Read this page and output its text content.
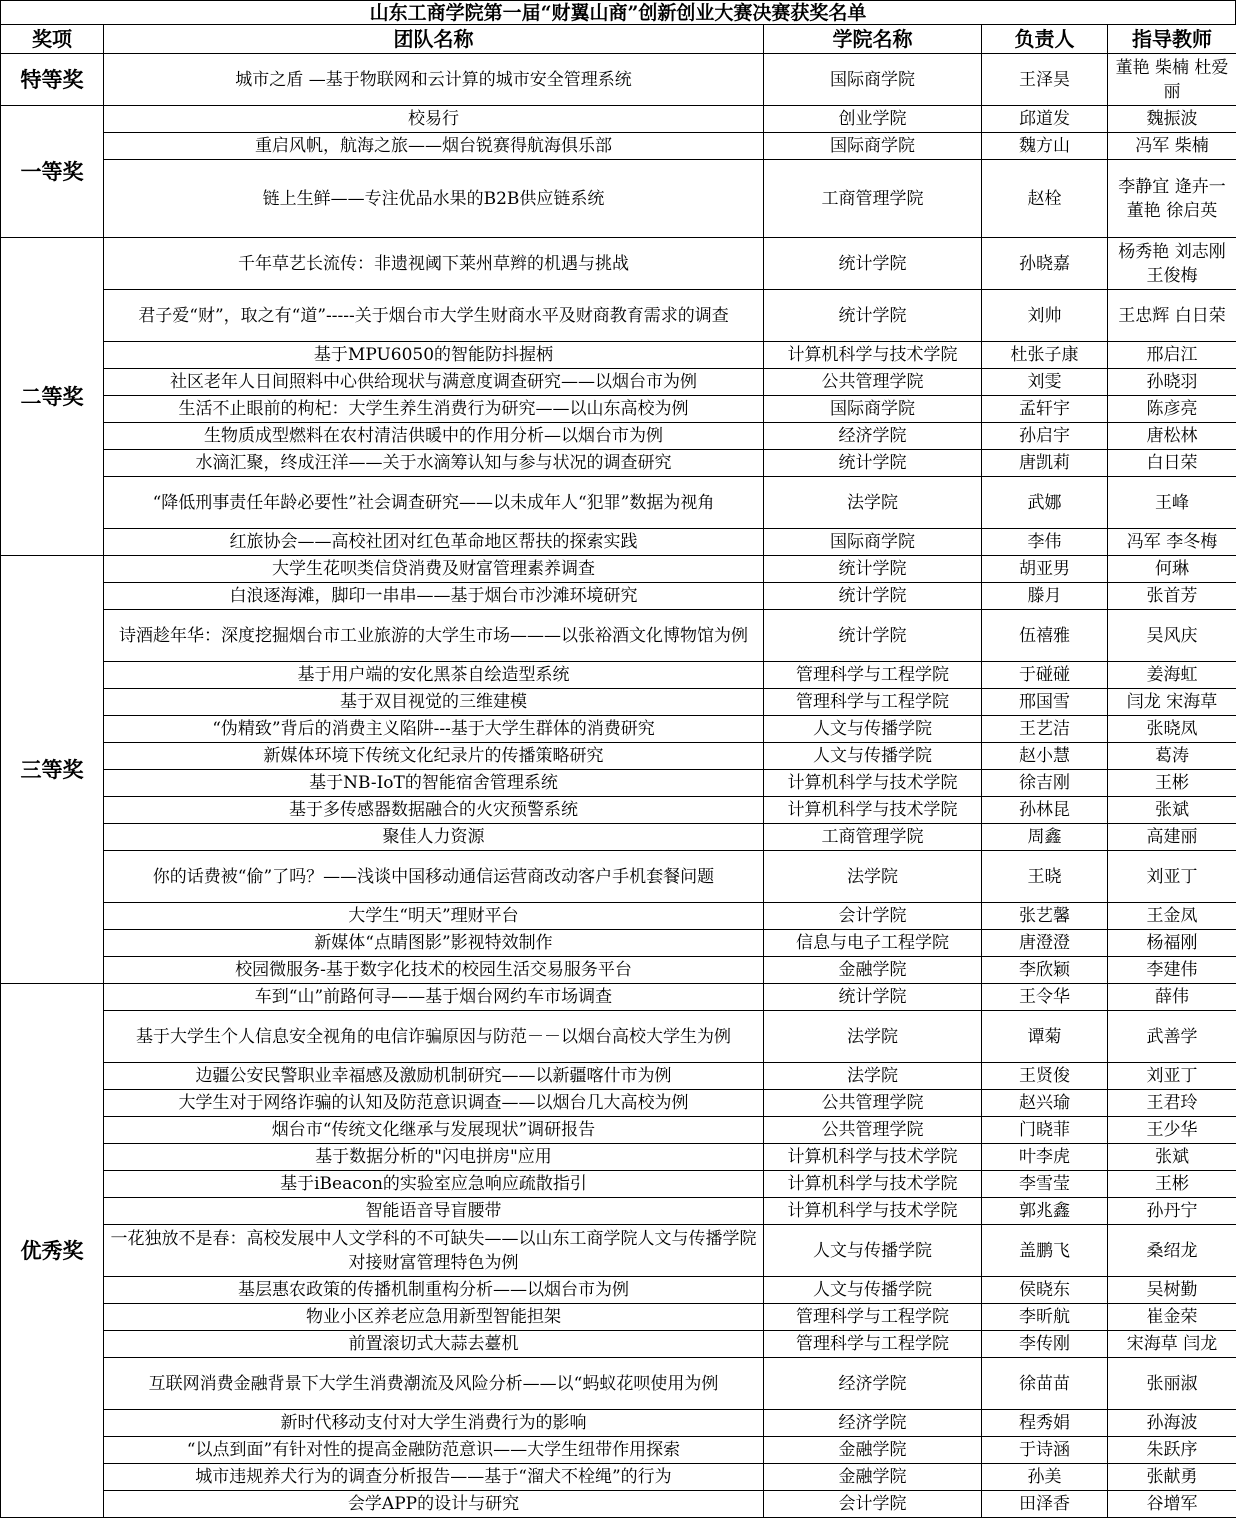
山东工商学院第一届“财翼山商”创新创业大赛决赛获奖名单
奖项	团队名称	学院名称	负责人	指导教师
特等奖	城市之盾 —基于物联网和云计算的城市安全管理系统	国际商学院	王泽昊	董艳 柴楠 杜爱丽
一等奖	校易行	创业学院	邱道发	魏振波
	重启风帆，航海之旅——烟台锐赛得航海俱乐部	国际商学院	魏方山	冯军 柴楠
	链上生鲜——专注优品水果的B2B供应链系统	工商管理学院	赵栓	李静宜 逄卉一 董艳 徐启英
二等奖	千年草艺长流传：非遗视阈下莱州草辫的机遇与挑战	统计学院	孙晓嘉	杨秀艳 刘志刚 王俊梅
	君子爱“财”，取之有“道”-----关于烟台市大学生财商水平及财商教育需求的调查	统计学院	刘帅	王忠辉 白日荣
	基于MPU6050的智能防抖握柄	计算机科学与技术学院	杜张子康	邢启江
	社区老年人日间照料中心供给现状与满意度调查研究——以烟台市为例	公共管理学院	刘雯	孙晓羽
	生活不止眼前的枸杞：大学生养生消费行为研究——以山东高校为例	国际商学院	孟轩宇	陈彦亮
	生物质成型燃料在农村清洁供暖中的作用分析—以烟台市为例	经济学院	孙启宇	唐松林
	水滴汇聚，终成汪洋——关于水滴筹认知与参与状况的调查研究	统计学院	唐凯莉	白日荣
	“降低刑事责任年龄必要性”社会调查研究——以未成年人“犯罪”数据为视角	法学院	武娜	王峰
	红旅协会——高校社团对红色革命地区帮扶的探索实践	国际商学院	李伟	冯军 李冬梅
三等奖	大学生花呗类信贷消费及财富管理素养调查	统计学院	胡亚男	何琳
	白浪逐海滩，脚印一串串——基于烟台市沙滩环境研究	统计学院	滕月	张首芳
	诗酒趁年华：深度挖掘烟台市工业旅游的大学生市场———以张裕酒文化博物馆为例	统计学院	伍禧雅	吴风庆
	基于用户端的安化黑茶自绘造型系统	管理科学与工程学院	于碰碰	姜海虹
	基于双目视觉的三维建模	管理科学与工程学院	邢国雪	闫龙 宋海草
	“伪精致”背后的消费主义陷阱---基于大学生群体的消费研究	人文与传播学院	王艺洁	张晓凤
	新媒体环境下传统文化纪录片的传播策略研究	人文与传播学院	赵小慧	葛涛
	基于NB-IoT的智能宿舍管理系统	计算机科学与技术学院	徐吉刚	王彬
	基于多传感器数据融合的火灾预警系统	计算机科学与技术学院	孙林昆	张斌
	聚佳人力资源	工商管理学院	周鑫	高建丽
	你的话费被“偷”了吗？——浅谈中国移动通信运营商改动客户手机套餐问题	法学院	王晓	刘亚丁
	大学生“明天”理财平台	会计学院	张艺馨	王金凤
	新媒体“点睛图影”影视特效制作	信息与电子工程学院	唐澄澄	杨福刚
	校园微服务-基于数字化技术的校园生活交易服务平台	金融学院	李欣颖	李建伟
优秀奖	车到“山”前路何寻——基于烟台网约车市场调查	统计学院	王令华	薛伟
	基于大学生个人信息安全视角的电信诈骗原因与防范－－以烟台高校大学生为例	法学院	谭菊	武善学
	边疆公安民警职业幸福感及激励机制研究——以新疆喀什市为例	法学院	王贤俊	刘亚丁
	大学生对于网络诈骗的认知及防范意识调查——以烟台几大高校为例	公共管理学院	赵兴瑜	王君玲
	烟台市“传统文化继承与发展现状”调研报告	公共管理学院	门晓菲	王少华
	基于数据分析的"闪电拼房"应用	计算机科学与技术学院	叶李虎	张斌
	基于iBeacon的实验室应急响应疏散指引	计算机科学与技术学院	李雪莹	王彬
	智能语音导盲腰带	计算机科学与技术学院	郭兆鑫	孙丹宁
	一花独放不是春：高校发展中人文学科的不可缺失——以山东工商学院人文与传播学院对接财富管理特色为例	人文与传播学院	盖鹏飞	桑绍龙
	基层惠农政策的传播机制重构分析——以烟台市为例	人文与传播学院	侯晓东	吴树勤
	物业小区养老应急用新型智能担架	管理科学与工程学院	李昕航	崔金荣
	前置滚切式大蒜去薹机	管理科学与工程学院	李传刚	宋海草 闫龙
	互联网消费金融背景下大学生消费潮流及风险分析——以“蚂蚁花呗使用为例	经济学院	徐苗苗	张丽淑
	新时代移动支付对大学生消费行为的影响	经济学院	程秀娟	孙海波
	“以点到面”有针对性的提高金融防范意识——大学生纽带作用探索	金融学院	于诗涵	朱跃序
	城市违规养犬行为的调查分析报告——基于“溜犬不栓绳”的行为	金融学院	孙美	张献勇
	会学APP的设计与研究	会计学院	田泽香	谷增军
